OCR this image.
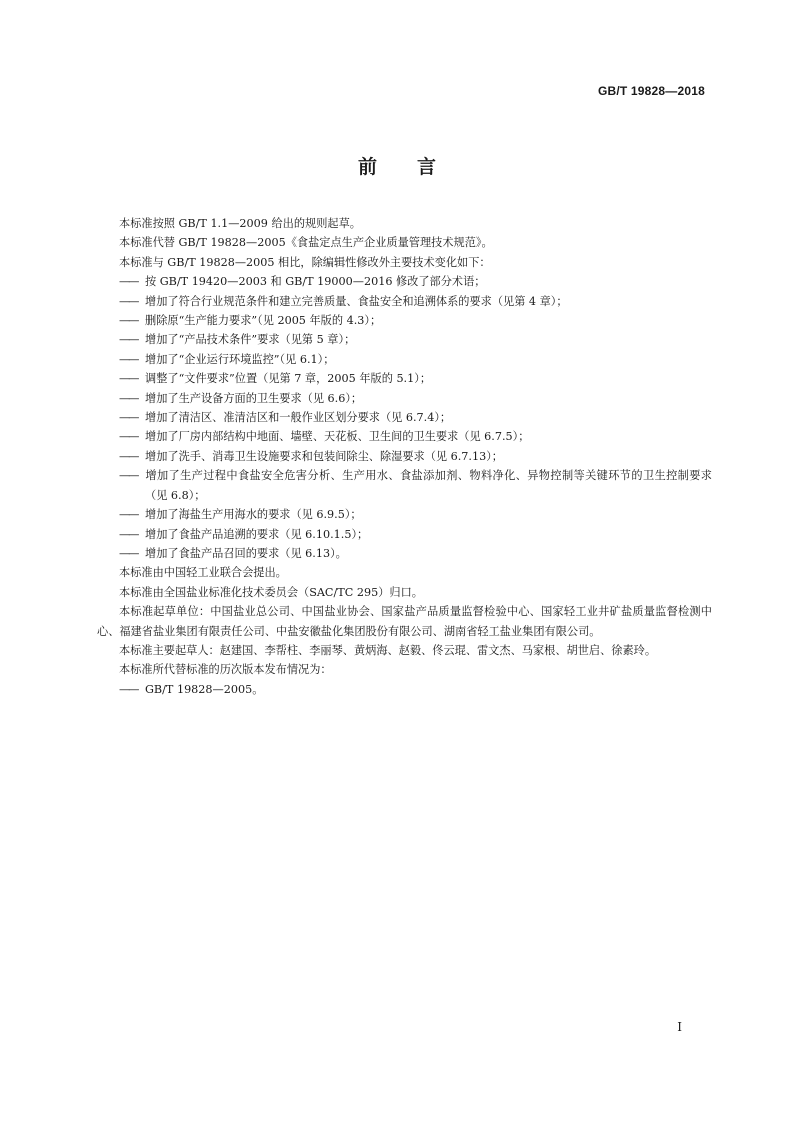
GB/T 19828—2018
前言

本标准按照 GB/T 1.1—2009 给出的规则起草。

本标准代替 GB/T 19828—2005《食盐定点生产企业质量管理技术规范》。

本标准与 GB/T 19828—2005 相比，除编辑性修改外主要技术变化如下：

—— 按 GB/T 19420—2003 和 GB/T 19000—2016 修改了部分术语；

—— 增加了符合行业规范条件和建立完善质量、食盐安全和追溯体系的要求（见第 4 章）；

—— 删除原“生产能力要求”（见 2005 年版的 4.3）；

—— 增加了“产品技术条件”要求（见第 5 章）；

—— 增加了“企业运行环境监控”（见 6.1）；

—— 调整了“文件要求”位置（见第 7 章，2005 年版的 5.1）；

—— 增加了生产设备方面的卫生要求（见 6.6）；

—— 增加了清洁区、准清洁区和一般作业区划分要求（见 6.7.4）；

—— 增加了厂房内部结构中地面、墙壁、天花板、卫生间的卫生要求（见 6.7.5）；

—— 增加了洗手、消毒卫生设施要求和包装间除尘、除湿要求（见 6.7.13）；

—— 增加了生产过程中食盐安全危害分析、生产用水、食盐添加剂、物料净化、异物控制等关键环节的卫生控制要求（见 6.8）；

—— 增加了海盐生产用海水的要求（见 6.9.5）；

—— 增加了食盐产品追溯的要求（见 6.10.1.5）；

—— 增加了食盐产品召回的要求（见 6.13）。

本标准由中国轻工业联合会提出。

本标准由全国盐业标准化技术委员会（SAC/TC 295）归口。

本标准起草单位：中国盐业总公司、中国盐业协会、国家盐产品质量监督检验中心、国家轻工业井矿盐质量监督检测中心、福建省盐业集团有限责任公司、中盐安徽盐化集团股份有限公司、湖南省轻工盐业集团有限公司。

本标准主要起草人：赵建国、李帮柱、李丽琴、黄炳海、赵毅、佟云琨、雷文杰、马家根、胡世启、徐素玲。

本标准所代替标准的历次版本发布情况为：

—— GB/T 19828—2005。

I
